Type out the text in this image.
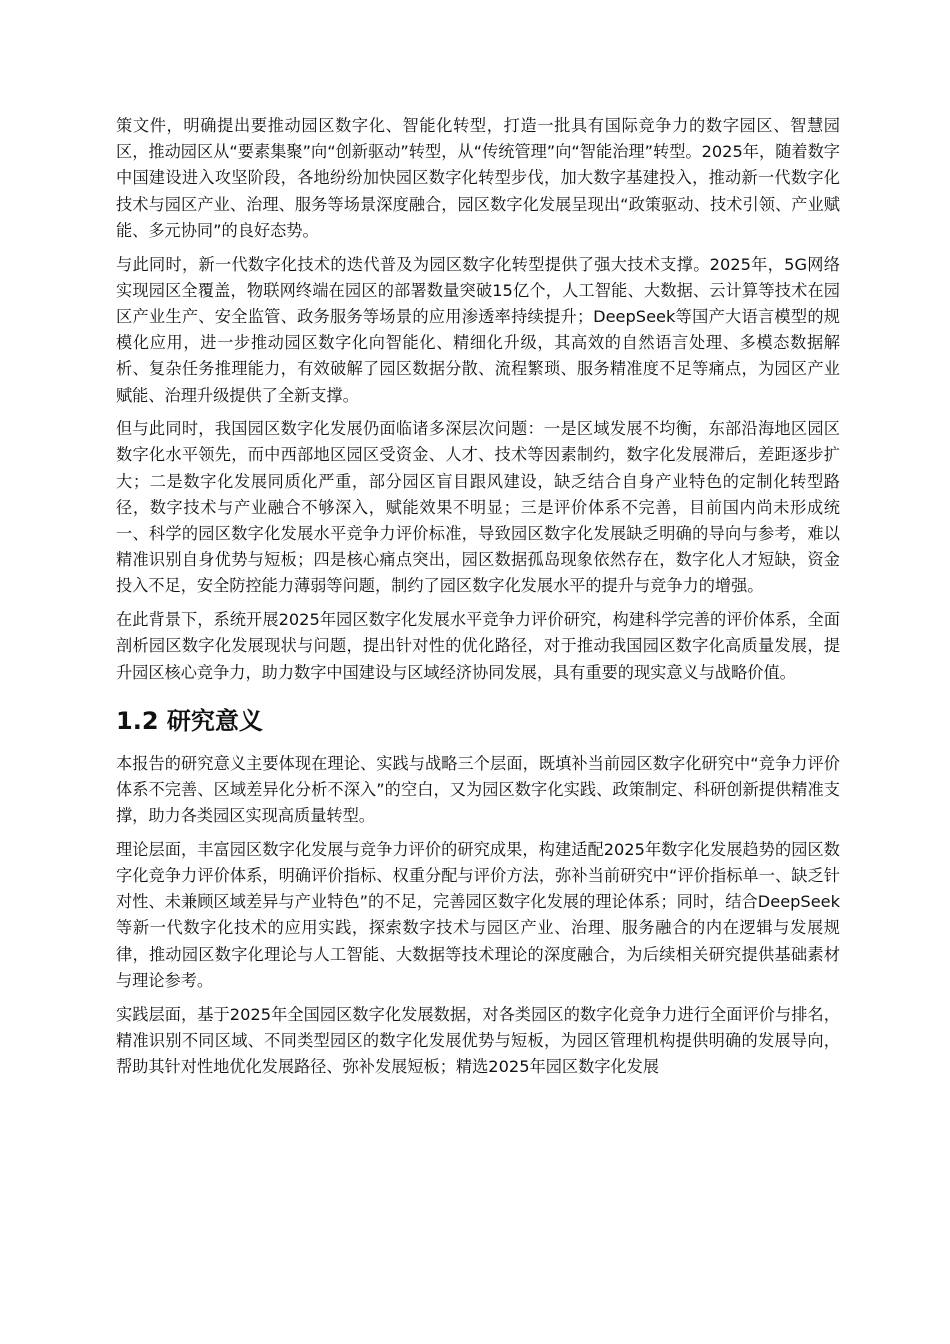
策文件，明确提出要推动园区数字化、智能化转型，打造一批具有国际竞争力的数字园区、智慧园区，推动园区从“要素集聚”向“创新驱动”转型，从“传统管理”向“智能治理”转型。2025年，随着数字中国建设进入攻坚阶段，各地纷纷加快园区数字化转型步伐，加大数字基建投入，推动新一代数字化技术与园区产业、治理、服务等场景深度融合，园区数字化发展呈现出“政策驱动、技术引领、产业赋能、多元协同”的良好态势。

与此同时，新一代数字化技术的迭代普及为园区数字化转型提供了强大技术支撑。2025年，5G网络实现园区全覆盖，物联网终端在园区的部署数量突破15亿个，人工智能、大数据、云计算等技术在园区产业生产、安全监管、政务服务等场景的应用渗透率持续提升；DeepSeek等国产大语言模型的规模化应用，进一步推动园区数字化向智能化、精细化升级，其高效的自然语言处理、多模态数据解析、复杂任务推理能力，有效破解了园区数据分散、流程繁琐、服务精准度不足等痛点，为园区产业赋能、治理升级提供了全新支撑。

但与此同时，我国园区数字化发展仍面临诸多深层次问题：一是区域发展不均衡，东部沿海地区园区数字化水平领先，而中西部地区园区受资金、人才、技术等因素制约，数字化发展滞后，差距逐步扩大；二是数字化发展同质化严重，部分园区盲目跟风建设，缺乏结合自身产业特色的定制化转型路径，数字技术与产业融合不够深入，赋能效果不明显；三是评价体系不完善，目前国内尚未形成统一、科学的园区数字化发展水平竞争力评价标准，导致园区数字化发展缺乏明确的导向与参考，难以精准识别自身优势与短板；四是核心痛点突出，园区数据孤岛现象依然存在，数字化人才短缺，资金投入不足，安全防控能力薄弱等问题，制约了园区数字化发展水平的提升与竞争力的增强。

在此背景下，系统开展2025年园区数字化发展水平竞争力评价研究，构建科学完善的评价体系，全面剖析园区数字化发展现状与问题，提出针对性的优化路径，对于推动我国园区数字化高质量发展，提升园区核心竞争力，助力数字中国建设与区域经济协同发展，具有重要的现实意义与战略价值。

1.2 研究意义

本报告的研究意义主要体现在理论、实践与战略三个层面，既填补当前园区数字化研究中“竞争力评价体系不完善、区域差异化分析不深入”的空白，又为园区数字化实践、政策制定、科研创新提供精准支撑，助力各类园区实现高质量转型。

理论层面，丰富园区数字化发展与竞争力评价的研究成果，构建适配2025年数字化发展趋势的园区数字化竞争力评价体系，明确评价指标、权重分配与评价方法，弥补当前研究中“评价指标单一、缺乏针对性、未兼顾区域差异与产业特色”的不足，完善园区数字化发展的理论体系；同时，结合DeepSeek等新一代数字化技术的应用实践，探索数字技术与园区产业、治理、服务融合的内在逻辑与发展规律，推动园区数字化理论与人工智能、大数据等技术理论的深度融合，为后续相关研究提供基础素材与理论参考。

实践层面，基于2025年全国园区数字化发展数据，对各类园区的数字化竞争力进行全面评价与排名，精准识别不同区域、不同类型园区的数字化发展优势与短板，为园区管理机构提供明确的发展导向，帮助其针对性地优化发展路径、弥补发展短板；精选2025年园区数字化发展
